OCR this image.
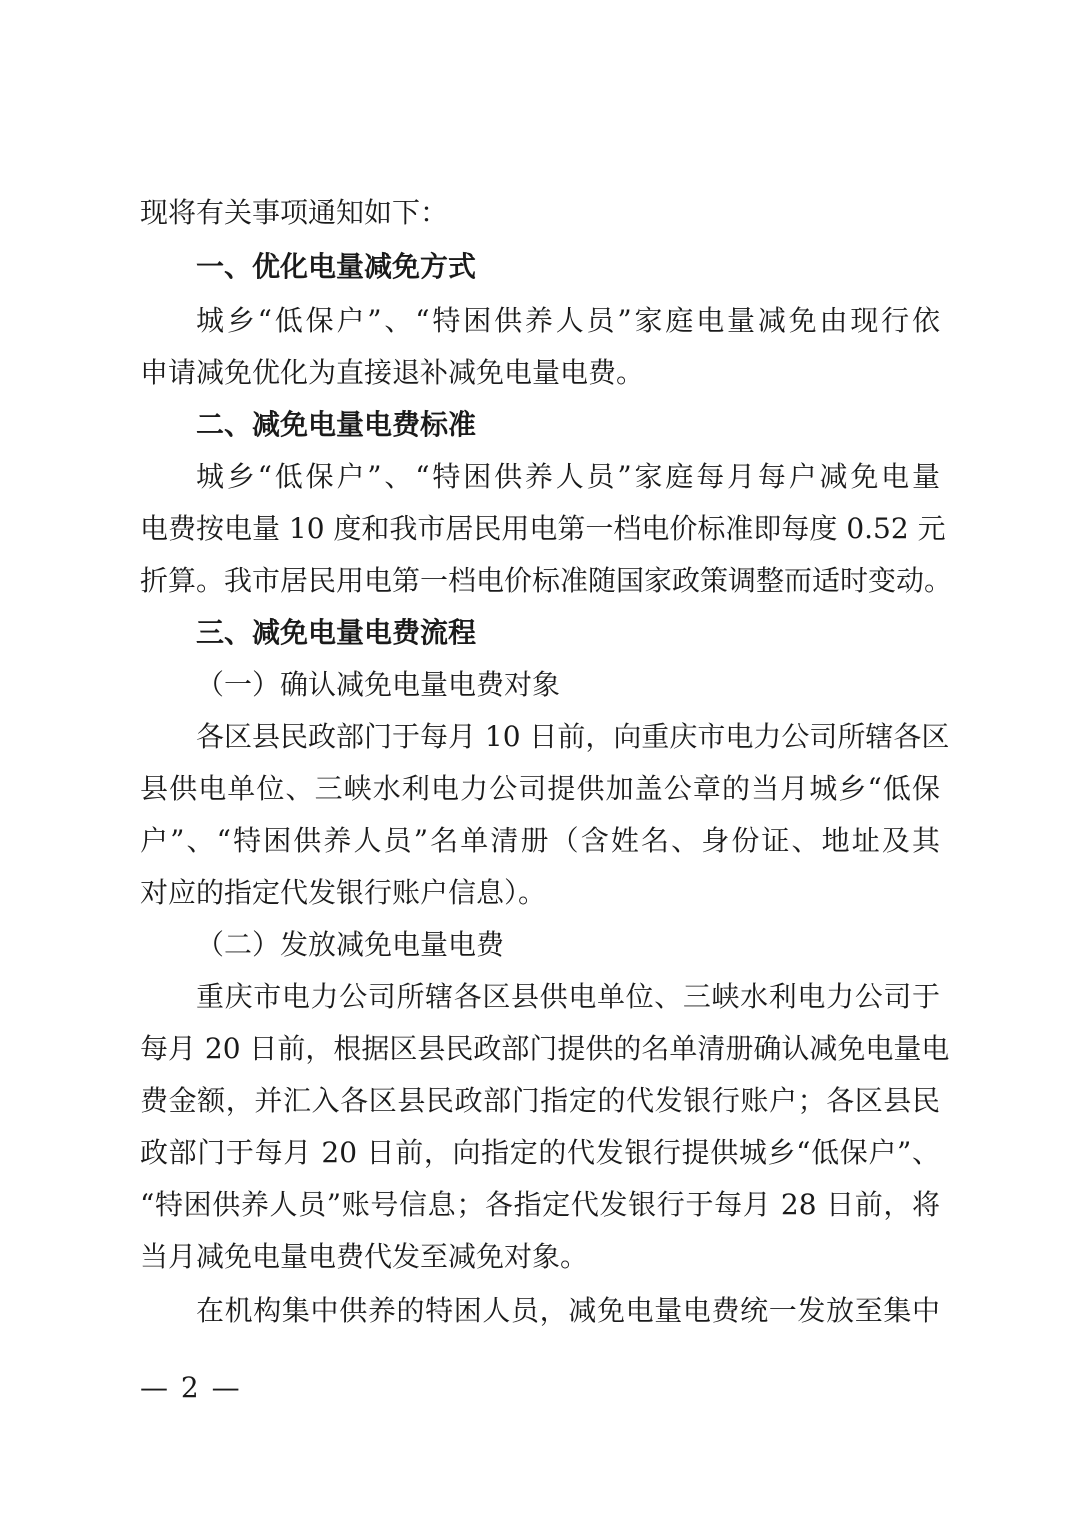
现将有关事项通知如下：
一、优化电量减免方式
城乡“低保户”、“特困供养人员”家庭电量减免由现行依
申请减免优化为直接退补减免电量电费。
二、减免电量电费标准
城乡“低保户”、“特困供养人员”家庭每月每户减免电量
电费按电量 10 度和我市居民用电第一档电价标准即每度 0.52 元
折算。我市居民用电第一档电价标准随国家政策调整而适时变动。
三、减免电量电费流程
（一）确认减免电量电费对象
各区县民政部门于每月 10 日前，向重庆市电力公司所辖各区
县供电单位、三峡水利电力公司提供加盖公章的当月城乡“低保
户”、“特困供养人员”名单清册（含姓名、身份证、地址及其
对应的指定代发银行账户信息）。
（二）发放减免电量电费
重庆市电力公司所辖各区县供电单位、三峡水利电力公司于
每月 20 日前，根据区县民政部门提供的名单清册确认减免电量电
费金额，并汇入各区县民政部门指定的代发银行账户；各区县民
政部门于每月 20 日前，向指定的代发银行提供城乡“低保户”、
“特困供养人员”账号信息；各指定代发银行于每月 28 日前，将
当月减免电量电费代发至减免对象。
在机构集中供养的特困人员，减免电量电费统一发放至集中
— 2 —
